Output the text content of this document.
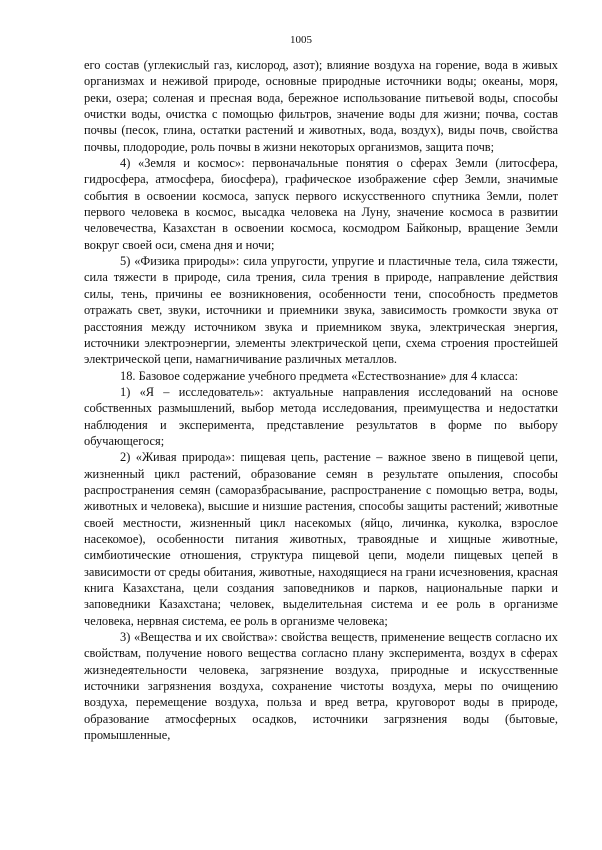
1005

его состав (углекислый газ, кислород, азот); влияние воздуха на горение, вода в живых организмах и неживой природе, основные природные источники воды; океаны, моря, реки, озера; соленая и пресная вода, бережное использование питьевой воды, способы очистки воды, очистка с помощью фильтров, значение воды для жизни; почва, состав почвы (песок, глина, остатки растений и животных, вода, воздух), виды почв, свойства почвы, плодородие, роль почвы в жизни некоторых организмов, защита почв;

4) «Земля и космос»: первоначальные понятия о сферах Земли (литосфера, гидросфера, атмосфера, биосфера), графическое изображение сфер Земли, значимые события в освоении космоса, запуск первого искусственного спутника Земли, полет первого человека в космос, высадка человека на Луну, значение космоса в развитии человечества, Казахстан в освоении космоса, космодром Байконыр, вращение Земли вокруг своей оси, смена дня и ночи;

5) «Физика природы»: сила упругости, упругие и пластичные тела, сила тяжести, сила тяжести в природе, сила трения, сила трения в природе, направление действия силы, тень, причины ее возникновения, особенности тени, способность предметов отражать свет, звуки, источники и приемники звука, зависимость громкости звука от расстояния между источником звука и приемником звука, электрическая энергия, источники электроэнергии, элементы электрической цепи, схема строения простейшей электрической цепи, намагничивание различных металлов.

18. Базовое содержание учебного предмета «Естествознание» для 4 класса:

1) «Я – исследователь»: актуальные направления исследований на основе собственных размышлений, выбор метода исследования, преимущества и недостатки наблюдения и эксперимента, представление результатов в форме по выбору обучающегося;

2) «Живая природа»: пищевая цепь, растение – важное звено в пищевой цепи, жизненный цикл растений, образование семян в результате опыления, способы распространения семян (саморазбрасывание, распространение с помощью ветра, воды, животных и человека), высшие и низшие растения, способы защиты растений; животные своей местности, жизненный цикл насекомых (яйцо, личинка, куколка, взрослое насекомое), особенности питания животных, травоядные и хищные животные, симбиотические отношения, структура пищевой цепи, модели пищевых цепей в зависимости от среды обитания, животные, находящиеся на грани исчезновения, красная книга Казахстана, цели создания заповедников и парков, национальные парки и заповедники Казахстана; человек, выделительная система и ее роль в организме человека, нервная система, ее роль в организме человека;

3) «Вещества и их свойства»: свойства веществ, применение веществ согласно их свойствам, получение нового вещества согласно плану эксперимента, воздух в сферах жизнедеятельности человека, загрязнение воздуха, природные и искусственные источники загрязнения воздуха, сохранение чистоты воздуха, меры по очищению воздуха, перемещение воздуха, польза и вред ветра, круговорот воды в природе, образование атмосферных осадков, источники загрязнения воды (бытовые, промышленные,
